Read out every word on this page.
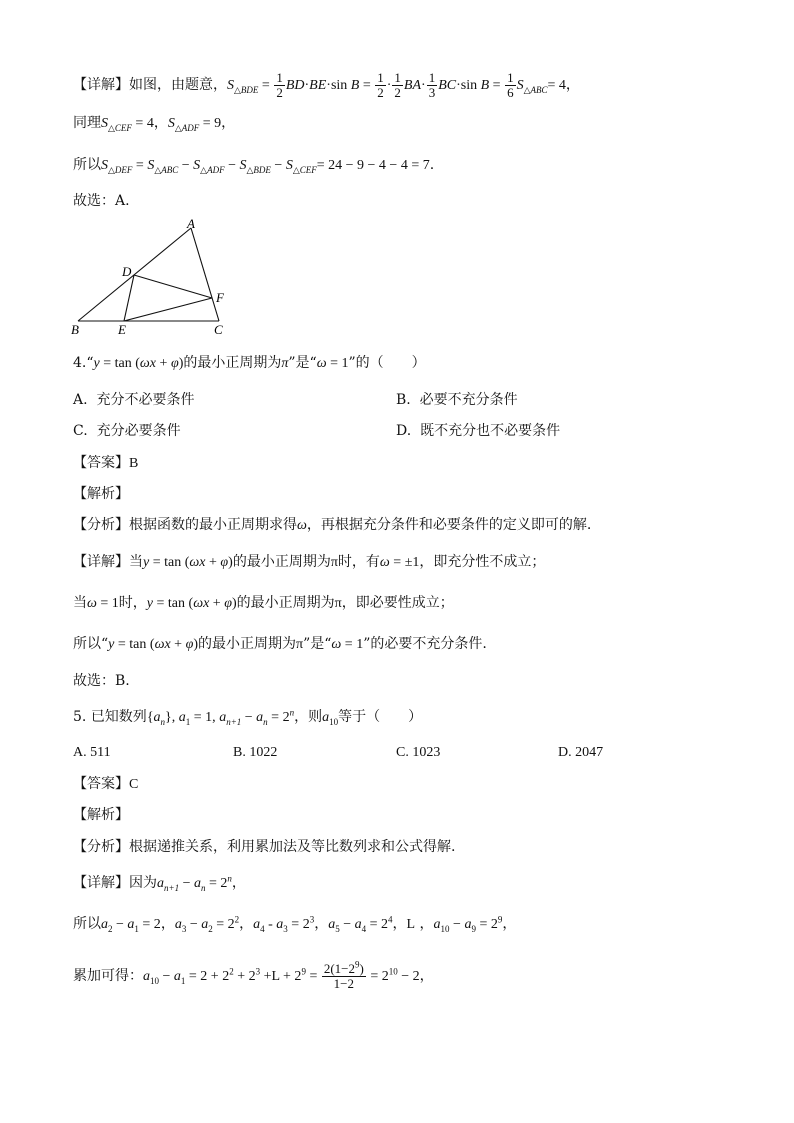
【详解】如图，由题意，$S_{\triangle BDE} = \frac{1}{2} BD\cdot BE\cdot\sin$ $B = \frac{1}{2} \cdot \frac{1}{2} BA\cdot \frac{1}{3} BC\cdot\sin$ $B = \frac{1}{6} S_{\triangle ABC}= 4$，
同理$S_{\triangle CEF} = 4$，$S_{\triangle ADF} = 9$，
所以$S_{\triangle DEF} = S_{\triangle ABC} - S_{\triangle ADF} - S_{\triangle BDE} - S_{\triangle CEF}= 24 - 9 - 4 - 4 = 7$.
故选：A.
A
B	C
D
E
F
4.“y = tan (ωx + φ)的最小正周期为π”是“ω = 1”的（　　）
A. 充分不必要条件	B. 必要不充分条件
C. 充分必要条件	D. 既不充分也不必要条件
【答案】B
【解析】
【分析】根据函数的最小正周期求得ω，再根据充分条件和必要条件的定义即可的解.
【详解】当y = tan (ωx + φ)的最小正周期为π时，有ω = ±1，即充分性不成立；
当ω = 1时，y = tan (ωx + φ)的最小正周期为π，即必要性成立；
所以“y = tan (ωx + φ)的最小正周期为π”是“ω = 1”的必要不充分条件.
故选：B.
5. 已知数列$\{a_n\}$, $a_1 = 1$, $a_{n+1} - a_n = 2^n$，则$a_{10}$等于（　　）
A. 511	B. 1022	C. 1023	D. 2047
【答案】C
【解析】
【分析】根据递推关系，利用累加法及等比数列求和公式得解.
【详解】因为$a_{n+1} - a_n = 2^n$，
所以$a_2 - a_1 = 2$，$a_3 - a_2 = 2^2$，$a_4 - a_3 = 2^3$，$a_5 - a_4 = 2^4$，L ，$a_{10} - a_9 = 2^9$，
累加可得：$a_{10} - a_1 = 2 + 2^2 + 2^3 +L + 2^9 = \frac{2(1-2^9)}{1-2} = 2^{10} - 2$，
